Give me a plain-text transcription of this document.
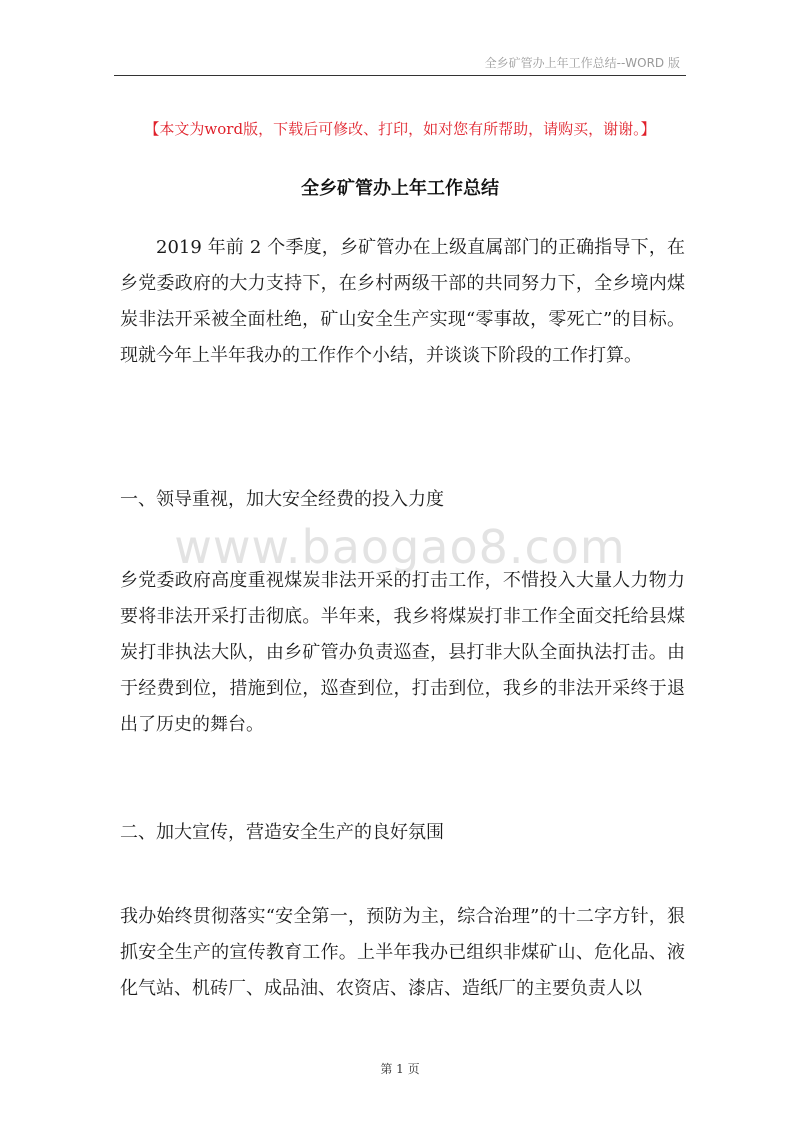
全乡矿管办上年工作总结--WORD 版
【本文为word版，下载后可修改、打印，如对您有所帮助，请购买，谢谢。】
全乡矿管办上年工作总结

2019 年前 2 个季度，乡矿管办在上级直属部门的正确指导下，在乡党委政府的大力支持下，在乡村两级干部的共同努力下，全乡境内煤炭非法开采被全面杜绝，矿山安全生产实现“零事故，零死亡”的目标。现就今年上半年我办的工作作个小结，并谈谈下阶段的工作打算。

一、领导重视，加大安全经费的投入力度

www.baogao8.com

乡党委政府高度重视煤炭非法开采的打击工作，不惜投入大量人力物力要将非法开采打击彻底。半年来，我乡将煤炭打非工作全面交托给县煤炭打非执法大队，由乡矿管办负责巡查，县打非大队全面执法打击。由于经费到位，措施到位，巡查到位，打击到位，我乡的非法开采终于退出了历史的舞台。

二、加大宣传，营造安全生产的良好氛围

我办始终贯彻落实“安全第一，预防为主，综合治理”的十二字方针，狠抓安全生产的宣传教育工作。上半年我办已组织非煤矿山、危化品、液化气站、机砖厂、成品油、农资店、漆店、造纸厂的主要负责人以

第 1 页
